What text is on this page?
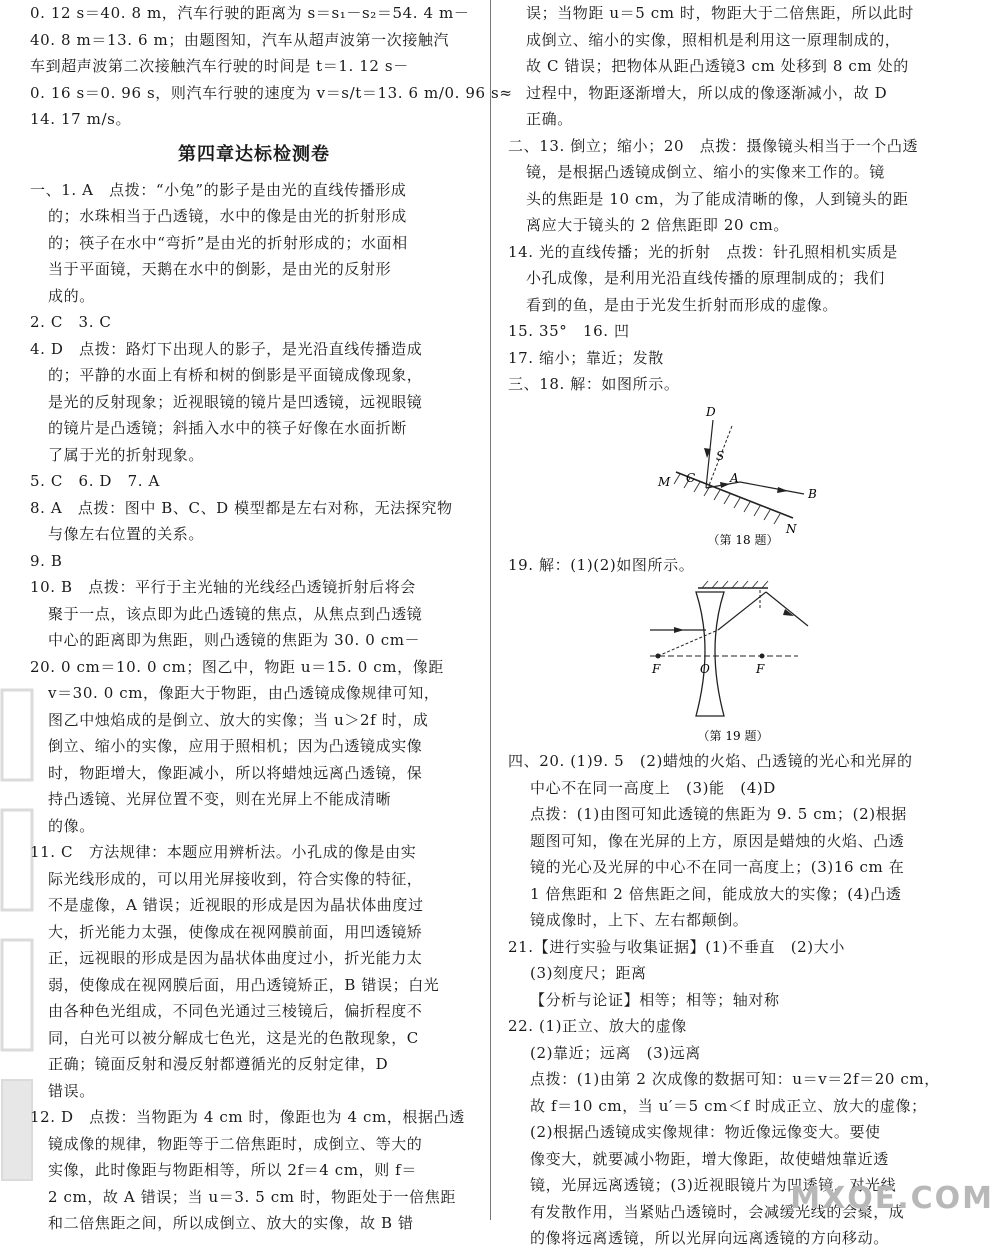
0. 12 s＝40. 8 m，汽车行驶的距离为 s＝s₁－s₂＝54. 4 m－
40. 8 m＝13. 6 m；由题图知，汽车从超声波第一次接触汽
车到超声波第二次接触汽车行驶的时间是 t＝1. 12 s－
0. 16 s＝0. 96 s，则汽车行驶的速度为 v＝s/t＝13. 6 m/0. 96 s≈
14. 17 m/s。
第四章达标检测卷
一、1. A　点拨：“小兔”的影子是由光的直线传播形成
的；水珠相当于凸透镜，水中的像是由光的折射形成
的；筷子在水中“弯折”是由光的折射形成的；水面相
当于平面镜，天鹅在水中的倒影，是由光的反射形
成的。
2. C　3. C
4. D　点拨：路灯下出现人的影子，是光沿直线传播造成
的；平静的水面上有桥和树的倒影是平面镜成像现象，
是光的反射现象；近视眼镜的镜片是凹透镜，远视眼镜
的镜片是凸透镜；斜插入水中的筷子好像在水面折断
了属于光的折射现象。
5. C　6. D　7. A
8. A　点拨：图中 B、C、D 模型都是左右对称，无法探究物
与像左右位置的关系。
9. B
10. B　点拨：平行于主光轴的光线经凸透镜折射后将会
聚于一点，该点即为此凸透镜的焦点，从焦点到凸透镜
中心的距离即为焦距，则凸透镜的焦距为 30. 0 cm－
20. 0 cm＝10. 0 cm；图乙中，物距 u＝15. 0 cm，像距
v＝30. 0 cm，像距大于物距，由凸透镜成像规律可知，
图乙中烛焰成的是倒立、放大的实像；当 u＞2f 时，成
倒立、缩小的实像，应用于照相机；因为凸透镜成实像
时，物距增大，像距减小，所以将蜡烛远离凸透镜，保
持凸透镜、光屏位置不变，则在光屏上不能成清晰
的像。
11. C　方法规律：本题应用辨析法。小孔成的像是由实
际光线形成的，可以用光屏接收到，符合实像的特征，
不是虚像，A 错误；近视眼的形成是因为晶状体曲度过
大，折光能力太强，使像成在视网膜前面，用凹透镜矫
正，远视眼的形成是因为晶状体曲度过小，折光能力太
弱，使像成在视网膜后面，用凸透镜矫正，B 错误；白光
由各种色光组成，不同色光通过三棱镜后，偏折程度不
同，白光可以被分解成七色光，这是光的色散现象，C
正确；镜面反射和漫反射都遵循光的反射定律，D
错误。
12. D　点拨：当物距为 4 cm 时，像距也为 4 cm，根据凸透
镜成像的规律，物距等于二倍焦距时，成倒立、等大的
实像，此时像距与物距相等，所以 2f＝4 cm，则 f＝
2 cm，故 A 错误；当 u＝3. 5 cm 时，物距处于一倍焦距
和二倍焦距之间，所以成倒立、放大的实像，故 B 错
误；当物距 u＝5 cm 时，物距大于二倍焦距，所以此时
成倒立、缩小的实像，照相机是利用这一原理制成的，
故 C 错误；把物体从距凸透镜3 cm 处移到 8 cm 处的
过程中，物距逐渐增大，所以成的像逐渐减小，故 D
正确。
二、13. 倒立；缩小；20　点拨：摄像镜头相当于一个凸透
镜，是根据凸透镜成倒立、缩小的实像来工作的。镜
头的焦距是 10 cm，为了能成清晰的像，人到镜头的距
离应大于镜头的 2 倍焦距即 20 cm。
14. 光的直线传播；光的折射　点拨：针孔照相机实质是
小孔成像，是利用光沿直线传播的原理制成的；我们
看到的鱼，是由于光发生折射而形成的虚像。
15. 35°　16. 凹
17. 缩小；靠近；发散
三、18. 解：如图所示。
D
S
M C	A
B
N
（第 18 题）
19. 解：(1)(2)如图所示。
F	O	F
（第 19 题）
四、20. (1)9. 5　(2)蜡烛的火焰、凸透镜的光心和光屏的
中心不在同一高度上　(3)能　(4)D
点拨：(1)由图可知此透镜的焦距为 9. 5 cm；(2)根据
题图可知，像在光屏的上方，原因是蜡烛的火焰、凸透
镜的光心及光屏的中心不在同一高度上；(3)16 cm 在
1 倍焦距和 2 倍焦距之间，能成放大的实像；(4)凸透
镜成像时，上下、左右都颠倒。
21.【进行实验与收集证据】(1)不垂直　(2)大小
(3)刻度尺；距离
【分析与论证】相等；相等；轴对称
22. (1)正立、放大的虚像
(2)靠近；远离　(3)远离
点拨：(1)由第 2 次成像的数据可知：u＝v＝2f＝20 cm，
故 f＝10 cm，当 u′＝5 cm＜f 时成正立、放大的虚像；
(2)根据凸透镜成实像规律：物近像远像变大。要使
像变大，就要减小物距，增大像距，故使蜡烛靠近透
镜，光屏远离透镜；(3)近视眼镜片为凹透镜，对光线
有发散作用，当紧贴凸透镜时，会减缓光线的会聚，成
的像将远离透镜，所以光屏向远离透镜的方向移动。
MXQE.COM
